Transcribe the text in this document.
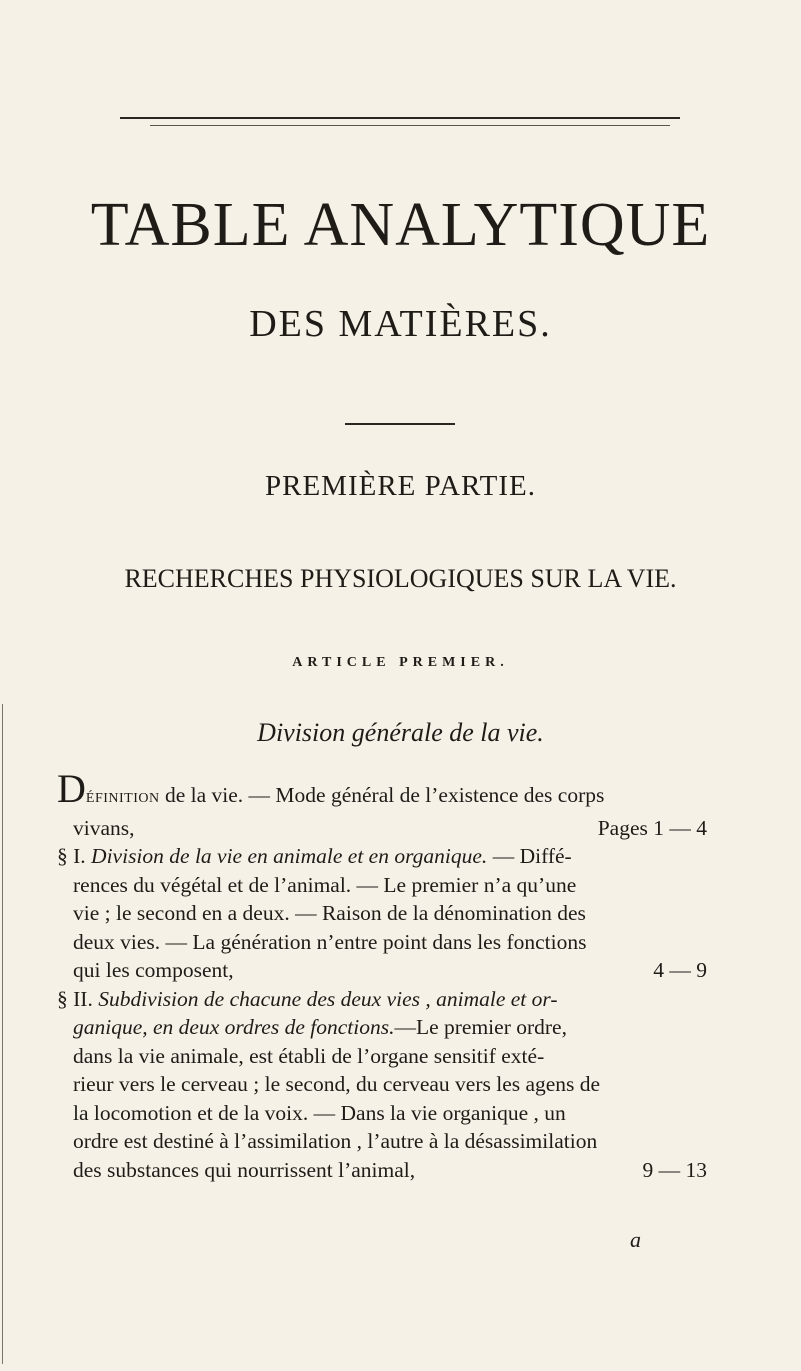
TABLE ANALYTIQUE
DES MATIÈRES.
PREMIÈRE PARTIE.
RECHERCHES PHYSIOLOGIQUES SUR LA VIE.
ARTICLE PREMIER.
Division générale de la vie.
DÉFINITION de la vie. — Mode général de l’existence des corps
vivans,	Pages 1 — 4
§ I. Division de la vie en animale et en organique. — Diffé-
rences du végétal et de l’animal. — Le premier n’a qu’une
vie ; le second en a deux. — Raison de la dénomination des
deux vies. — La génération n’entre point dans les fonctions
qui les composent,	4 — 9
§ II. Subdivision de chacune des deux vies , animale et or-
ganique, en deux ordres de fonctions.—Le premier ordre,
dans la vie animale, est établi de l’organe sensitif exté-
rieur vers le cerveau ; le second, du cerveau vers les agens de
la locomotion et de la voix. — Dans la vie organique , un
ordre est destiné à l’assimilation , l’autre à la désassimilation
des substances qui nourrissent l’animal,	9 — 13
a
